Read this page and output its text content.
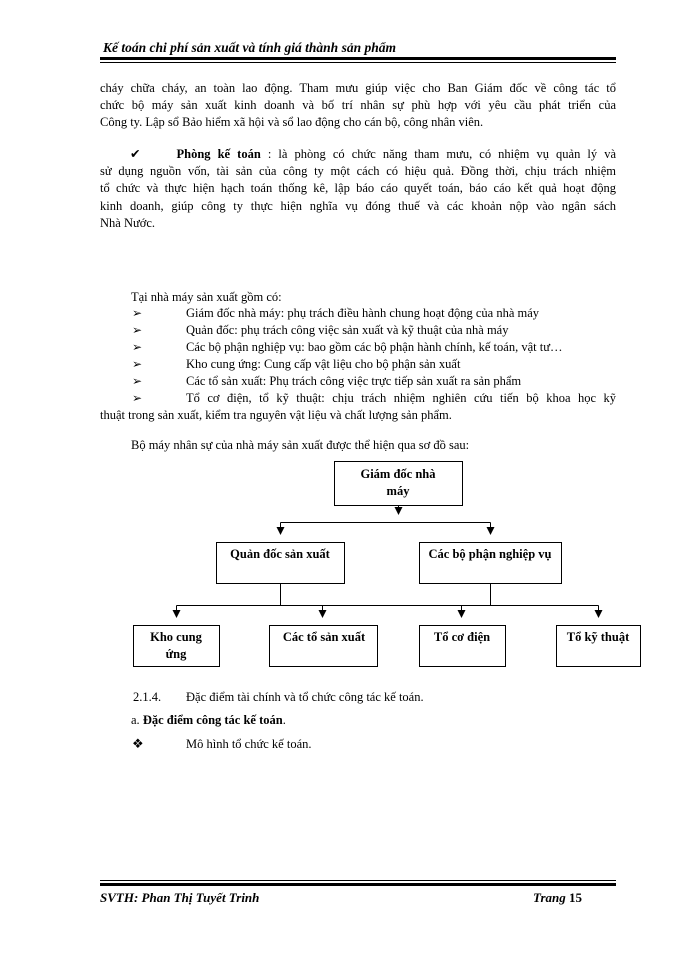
Kế toán chi phí sản xuất và tính giá thành sản phẩm
cháy chữa cháy, an toàn lao động. Tham mưu giúp việc cho Ban Giám đốc về công tác tổ
chức bộ máy sản xuất kinh doanh và bố trí nhân sự phù hợp với yêu cầu phát triển của
Công ty. Lập sổ Bảo hiểm xã hội và sổ lao động cho cán bộ, công nhân viên.
✔	Phòng kế toán : là phòng có chức năng tham mưu, có nhiệm vụ quản lý và
sử dụng nguồn vốn, tài sản của công ty một cách có hiệu quả. Đồng thời, chịu trách nhiệm
tổ chức và thực hiện hạch toán thống kê, lập báo cáo quyết toán, báo cáo kết quả hoạt động
kinh doanh, giúp công ty thực hiện nghĩa vụ đóng thuế và các khoản nộp vào ngân sách
Nhà Nước.
Tại nhà máy sản xuất gồm có:
➢	Giám đốc nhà máy: phụ trách điều hành chung hoạt động của nhà máy
➢	Quản đốc: phụ trách công việc sản xuất và kỹ thuật của nhà máy
➢	Các bộ phận nghiệp vụ: bao gồm các bộ phận hành chính, kế toán, vật tư…
➢	Kho cung ứng: Cung cấp vật liệu cho bộ phận sản xuất
➢	Các tổ sản xuất: Phụ trách công việc trực tiếp sản xuất ra sản phẩm
➢	Tổ cơ điện, tổ kỹ thuật: chịu trách nhiệm nghiên cứu tiến bộ khoa học kỹ
thuật trong sản xuất, kiểm tra nguyên vật liệu và chất lượng sản phẩm.
Bộ máy nhân sự của nhà máy sản xuất được thể hiện qua sơ đồ sau:
Giám đốc nhà máy
Quản đốc sản xuất	Các bộ phận nghiệp vụ
Kho cung ứng
Các tổ sản xuất	Tổ cơ điện	Tổ kỹ thuật
2.1.4. Đặc điểm tài chính và tổ chức công tác kế toán.
a. Đặc điểm công tác kế toán.
❖	Mô hình tổ chức kế toán.
SVTH: Phan Thị Tuyết Trinh	Trang 15
